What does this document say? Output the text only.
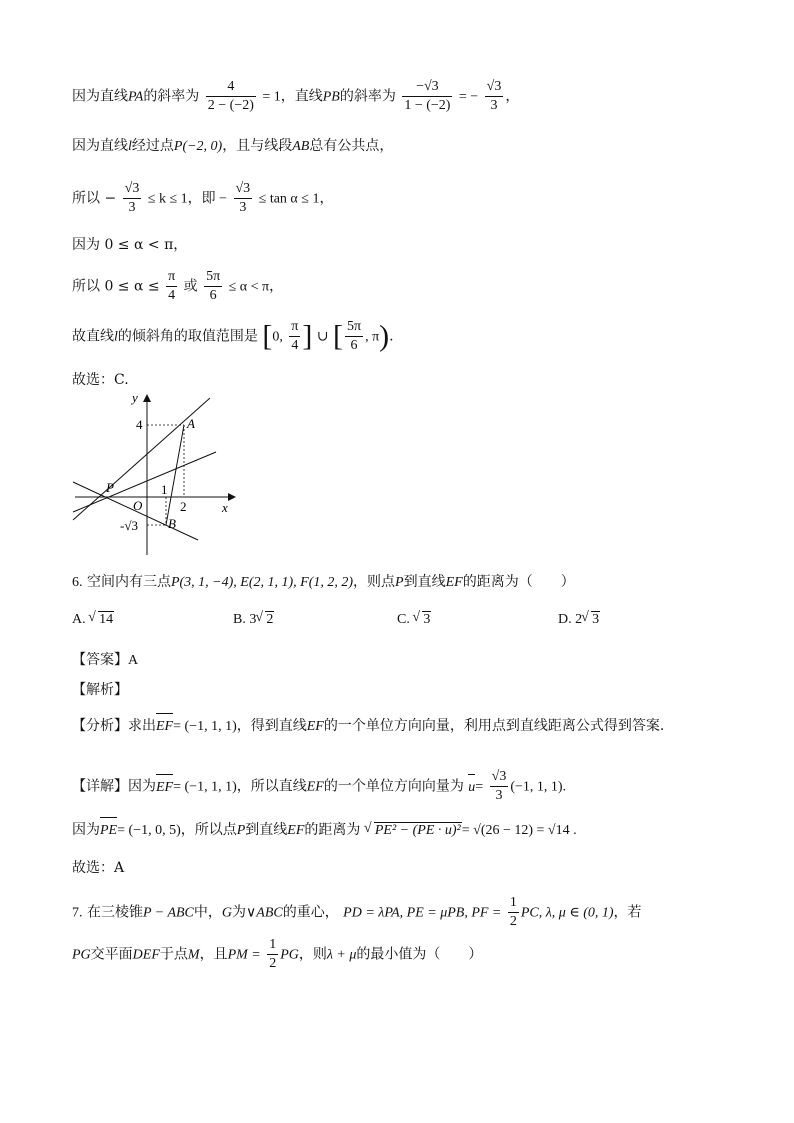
因为直线PA的斜率为 $\frac{4}{2 - (-2)} = 1$，直线PB的斜率为 $\frac{-√3}{1 - (-2)}$ = − $\frac{√3}{3}$ ，
因为直线l经过点P(−2, 0)，且与线段AB总有公共点，
所以 − $\frac{√3}{3} \le k \le 1$，即 − $\frac{√3}{3} \le \tan \alpha \le 1$，
因为 0 ≤ α < π，
所以 $0 \le \alpha \le \frac{\pi}{4}$ 或 $\frac{5\pi}{6} \le \alpha < \pi$，
故直线l的倾斜角的取值范围是 [0, $\frac{\pi}{4}$ ] ∪ [ $\frac{5\pi}{6}$ , π).
故选：C.
y
x
O
P
A
B
4
1
2
-√3
6. 空间内有三点P(3, 1, −4), E(2, 1, 1), F(1, 2, 2)，则点P到直线EF的距离为（　　）
A. √ 14	B. 3 √ 2	C. √ 3	D. 2 √ 3
【答案】A
【解析】
【分析】求出EF= (−1, 1, 1)，得到直线EF的一个单位方向向量，利用点到直线距离公式得到答案.
【详解】因为EF= (−1, 1, 1)，所以直线EF的一个单位方向向量为 $u= \frac{√3}{3} (-1$, 1, 1).
因为PE= (−1, 0, 5)，所以点P到直线EF的距离为 √ PE² − (PE · u)²= √(26 − 12) = √14 .
故选：A
7. 在三棱锥P − ABC中，G为∨ABC的重心， PD = λPA, PE = μPB, PF = $\frac{1}{2}$ PC, λ, μ ∈ (0, 1)，若
PG交平面DEF于点M，且PM = $\frac{1}{2}$ PG，则λ + μ的最小值为（　　）
